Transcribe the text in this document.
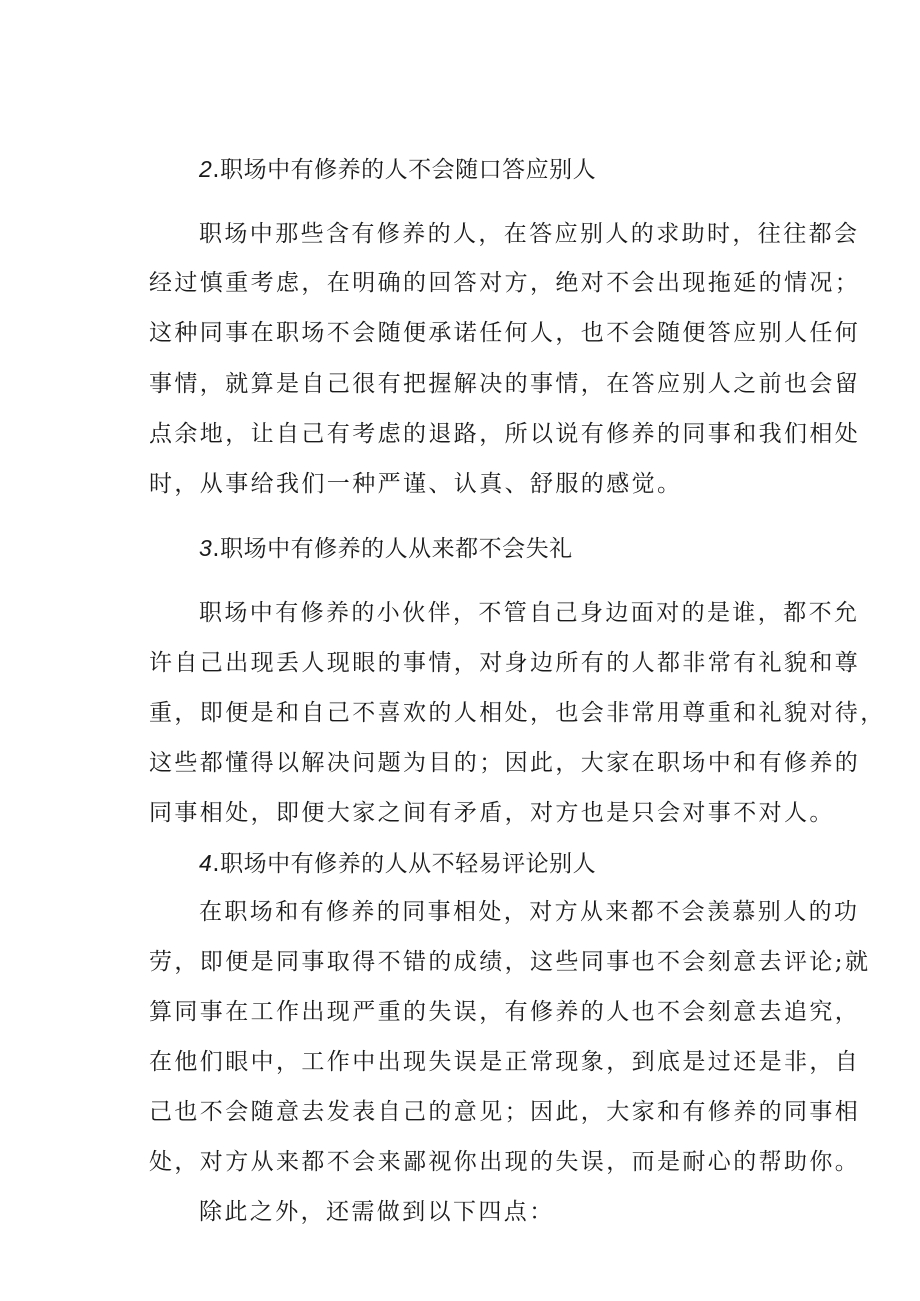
2.职场中有修养的人不会随口答应别人
职场中那些含有修养的人，在答应别人的求助时，往往都会
经过慎重考虑，在明确的回答对方，绝对不会出现拖延的情况；
这种同事在职场不会随便承诺任何人，也不会随便答应别人任何
事情，就算是自己很有把握解决的事情，在答应别人之前也会留
点余地，让自己有考虑的退路，所以说有修养的同事和我们相处
时，从事给我们一种严谨、认真、舒服的感觉。
3.职场中有修养的人从来都不会失礼
职场中有修养的小伙伴，不管自己身边面对的是谁，都不允
许自己出现丢人现眼的事情，对身边所有的人都非常有礼貌和尊
重，即便是和自己不喜欢的人相处，也会非常用尊重和礼貌对待，
这些都懂得以解决问题为目的；因此，大家在职场中和有修养的
同事相处，即便大家之间有矛盾，对方也是只会对事不对人。
4.职场中有修养的人从不轻易评论别人
在职场和有修养的同事相处，对方从来都不会羡慕别人的功
劳，即便是同事取得不错的成绩，这些同事也不会刻意去评论;就
算同事在工作出现严重的失误，有修养的人也不会刻意去追究，
在他们眼中，工作中出现失误是正常现象，到底是过还是非，自
己也不会随意去发表自己的意见；因此，大家和有修养的同事相
处，对方从来都不会来鄙视你出现的失误，而是耐心的帮助你。
除此之外，还需做到以下四点：
